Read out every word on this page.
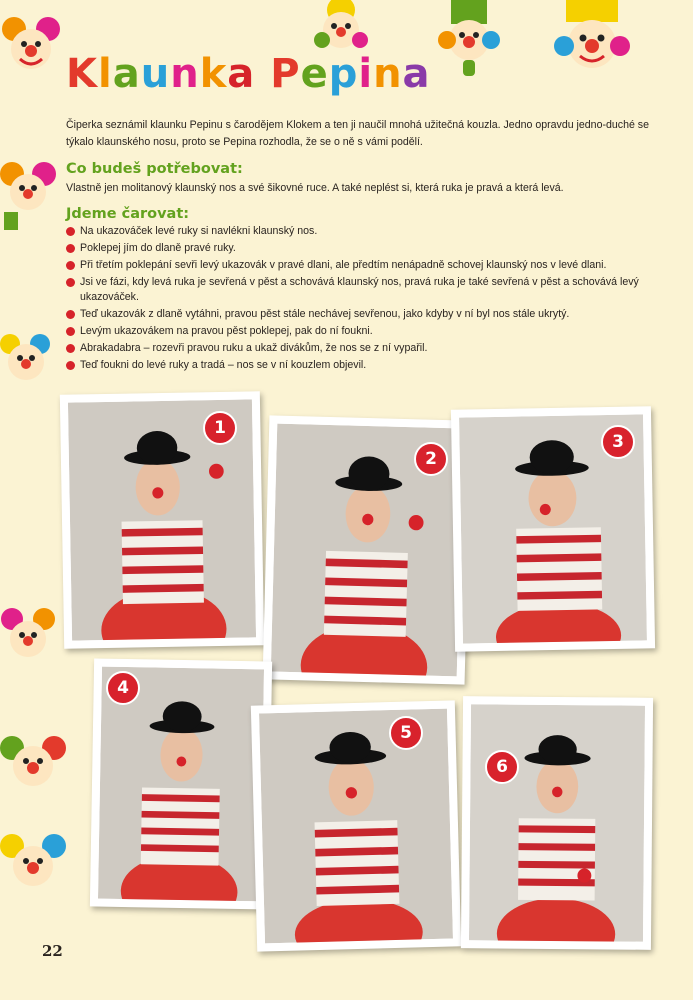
Klaunka Pepina

Čiperka seznámil klaunku Pepinu s čarodějem Klokem a ten ji naučil mnohá užitečná kouzla. Jedno opravdu jedno-duché se týkalo klaunského nosu, proto se Pepina rozhodla, že se o ně s vámi podělí.

Co budeš potřebovat:

Vlastně jen molitanový klaunský nos a své šikovné ruce. A také neplést si, která ruka je pravá a která levá.

Jdeme čarovat:
Na ukazováček levé ruky si navlékni klaunský nos.
Poklepej jím do dlaně pravé ruky.
Při třetím poklepání sevři levý ukazovák v pravé dlani, ale předtím nenápadně schovej klaunský nos v levé dlani.
Jsi ve fázi, kdy levá ruka je sevřená v pěst a schovává klaunský nos, pravá ruka je také sevřená v pěst a schovává levý ukazováček.
Teď ukazovák z dlaně vytáhni, pravou pěst stále nechávej sevřenou, jako kdyby v ní byl nos stále ukrytý.
Levým ukazovákem na pravou pěst poklepej, pak do ní foukni.
Abrakadabra – rozevři pravou ruku a ukaž divákům, že nos se z ní vypařil.
Teď foukni do levé ruky a tradá – nos se v ní kouzlem objevil.
1
2
3
4
5
6
22
